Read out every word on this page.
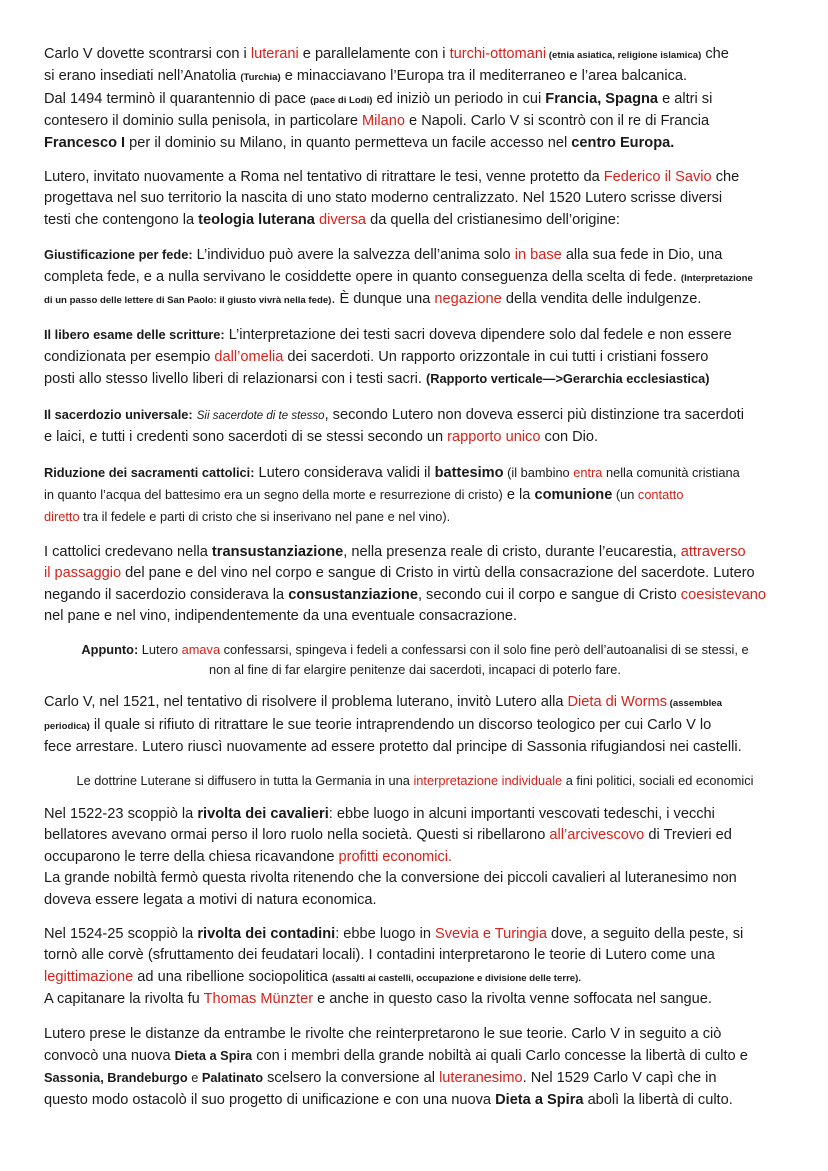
Carlo V dovette scontrarsi con i luterani e parallelamente con i turchi-ottomani (etnia asiatica, religione islamica) che
si erano insediati nell’Anatolia (Turchia) e minacciavano l’Europa tra il mediterraneo e l’area balcanica.
Dal 1494 terminò il quarantennio di pace (pace di Lodi) ed iniziò un periodo in cui Francia, Spagna e altri si
contesero il dominio sulla penisola, in particolare Milano e Napoli. Carlo V si scontrò con il re di Francia
Francesco I per il dominio su Milano, in quanto permetteva un facile accesso nel centro Europa.

Lutero, invitato nuovamente a Roma nel tentativo di ritrattare le tesi, venne protetto da Federico il Savio che
progettava nel suo territorio la nascita di uno stato moderno centralizzato. Nel 1520 Lutero scrisse diversi
testi che contengono la teologia luterana diversa da quella del cristianesimo dell’origine:

Giustificazione per fede: L’individuo può avere la salvezza dell’anima solo in base alla sua fede in Dio, una
completa fede, e a nulla servivano le cosiddette opere in quanto conseguenza della scelta di fede. (Interpretazione
di un passo delle lettere di San Paolo: il giusto vivrà nella fede). È dunque una negazione della vendita delle indulgenze.

Il libero esame delle scritture: L’interpretazione dei testi sacri doveva dipendere solo dal fedele e non essere
condizionata per esempio dall’omelia dei sacerdoti. Un rapporto orizzontale in cui tutti i cristiani fossero
posti allo stesso livello liberi di relazionarsi con i testi sacri. (Rapporto verticale—>Gerarchia ecclesiastica)

Il sacerdozio universale: Sii sacerdote di te stesso, secondo Lutero non doveva esserci più distinzione tra sacerdoti
e laici, e tutti i credenti sono sacerdoti di se stessi secondo un rapporto unico con Dio.

Riduzione dei sacramenti cattolici: Lutero considerava validi il battesimo (il bambino entra nella comunità cristiana
in quanto l’acqua del battesimo era un segno della morte e resurrezione di cristo) e la comunione (un contatto
diretto tra il fedele e parti di cristo che si inserivano nel pane e nel vino).

I cattolici credevano nella transustanziazione, nella presenza reale di cristo, durante l’eucarestia, attraverso
il passaggio del pane e del vino nel corpo e sangue di Cristo in virtù della consacrazione del sacerdote. Lutero
negando il sacerdozio considerava la consustanziazione, secondo cui il corpo e sangue di Cristo coesistevano
nel pane e nel vino, indipendentemente da una eventuale consacrazione.

Appunto: Lutero amava confessarsi, spingeva i fedeli a confessarsi con il solo fine però dell’autoanalisi di se stessi, e
non al fine di far elargire penitenze dai sacerdoti, incapaci di poterlo fare.

Carlo V, nel 1521, nel tentativo di risolvere il problema luterano, invitò Lutero alla Dieta di Worms (assemblea
periodica) il quale si rifiuto di ritrattare le sue teorie intraprendendo un discorso teologico per cui Carlo V lo
fece arrestare. Lutero riuscì nuovamente ad essere protetto dal principe di Sassonia rifugiandosi nei castelli.

Le dottrine Luterane si diffusero in tutta la Germania in una interpretazione individuale a fini politici, sociali ed economici

Nel 1522-23 scoppiò la rivolta dei cavalieri: ebbe luogo in alcuni importanti vescovati tedeschi, i vecchi
bellatores avevano ormai perso il loro ruolo nella società. Questi si ribellarono all’arcivescovo di Trevieri ed
occuparono le terre della chiesa ricavandone profitti economici.
La grande nobiltà fermò questa rivolta ritenendo che la conversione dei piccoli cavalieri al luteranesimo non
doveva essere legata a motivi di natura economica.

Nel 1524-25 scoppiò la rivolta dei contadini: ebbe luogo in Svevia e Turingia dove, a seguito della peste, si
tornò alle corvè (sfruttamento dei feudatari locali). I contadini interpretarono le teorie di Lutero come una
legittimazione ad una ribellione sociopolitica (assalti ai castelli, occupazione e divisione delle terre).
A capitanare la rivolta fu Thomas Münzter e anche in questo caso la rivolta venne soffocata nel sangue.

Lutero prese le distanze da entrambe le rivolte che reinterpretarono le sue teorie. Carlo V in seguito a ciò
convocò una nuova Dieta a Spira con i membri della grande nobiltà ai quali Carlo concesse la libertà di culto e
Sassonia, Brandeburgo e Palatinato scelsero la conversione al luteranesimo. Nel 1529 Carlo V capì che in
questo modo ostacolò il suo progetto di unificazione e con una nuova Dieta a Spira abolì la libertà di culto.
